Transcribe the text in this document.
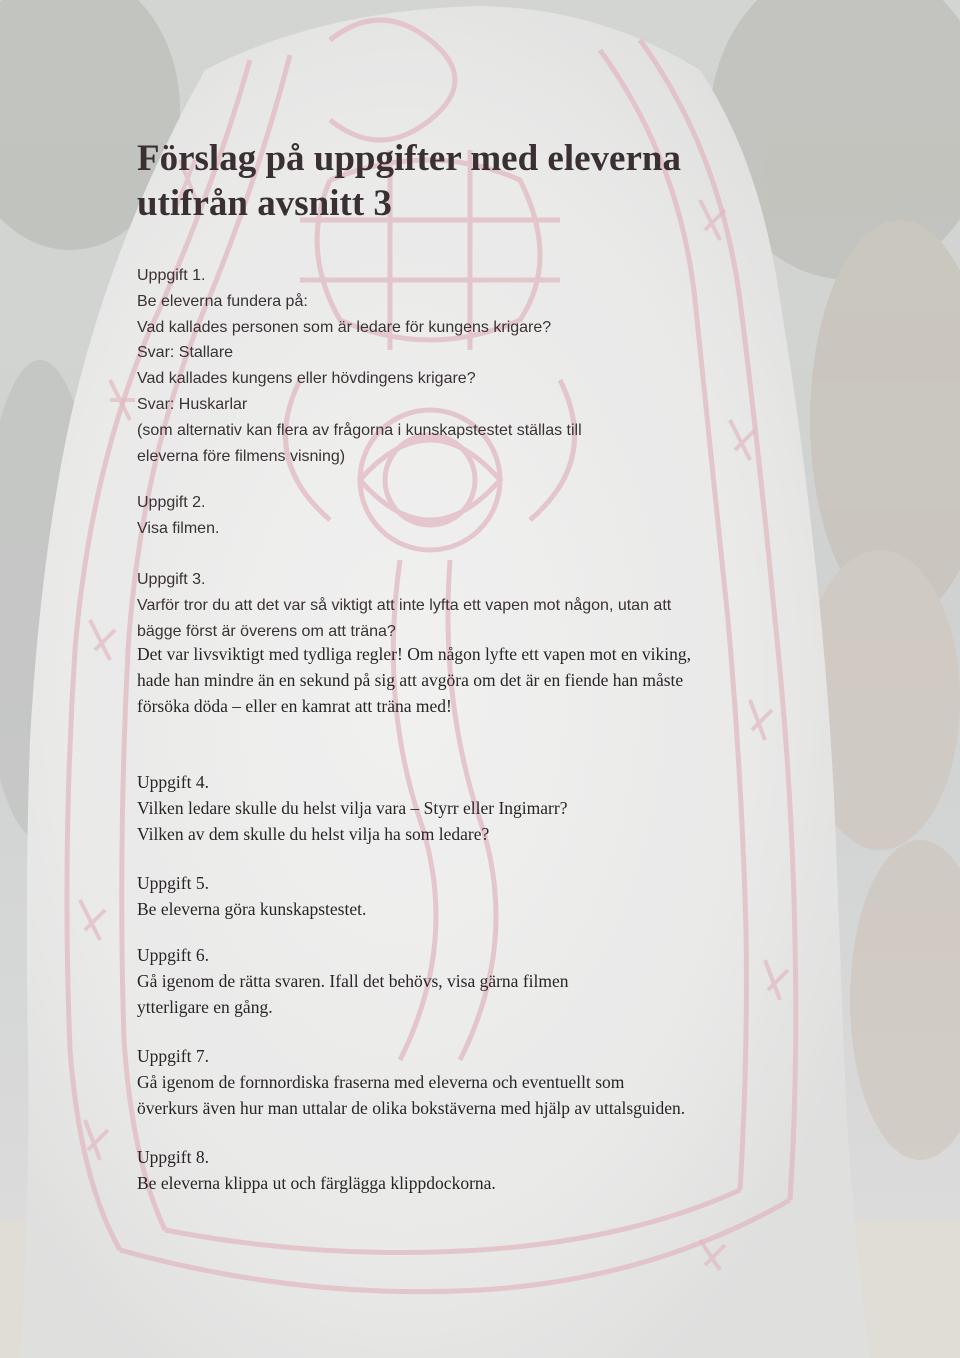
Förslag på uppgifter med eleverna
utifrån avsnitt 3

Uppgift 1.

Be eleverna fundera på:

Vad kallades personen som är ledare för kungens krigare?

Svar: Stallare

Vad kallades kungens eller hövdingens krigare?

Svar: Huskarlar

(som alternativ kan flera av frågorna i kunskapstestet ställas till

eleverna före filmens visning)

Uppgift 2.

Visa filmen.

Uppgift 3.

Varför tror du att det var så viktigt att inte lyfta ett vapen mot någon, utan att

bägge först är överens om att träna?

Det var livsviktigt med tydliga regler! Om någon lyfte ett vapen mot en viking,

hade han mindre än en sekund på sig att avgöra om det är en fiende han måste

försöka döda – eller en kamrat att träna med!

Uppgift 4.

Vilken ledare skulle du helst vilja vara – Styrr eller Ingimarr?

Vilken av dem skulle du helst vilja ha som ledare?

Uppgift 5.

Be eleverna göra kunskapstestet.

Uppgift 6.

Gå igenom de rätta svaren. Ifall det behövs, visa gärna filmen

ytterligare en gång.

Uppgift 7.

Gå igenom de fornnordiska fraserna med eleverna och eventuellt som

överkurs även hur man uttalar de olika bokstäverna med hjälp av uttalsguiden.

Uppgift 8.

Be eleverna klippa ut och färglägga klippdockorna.
